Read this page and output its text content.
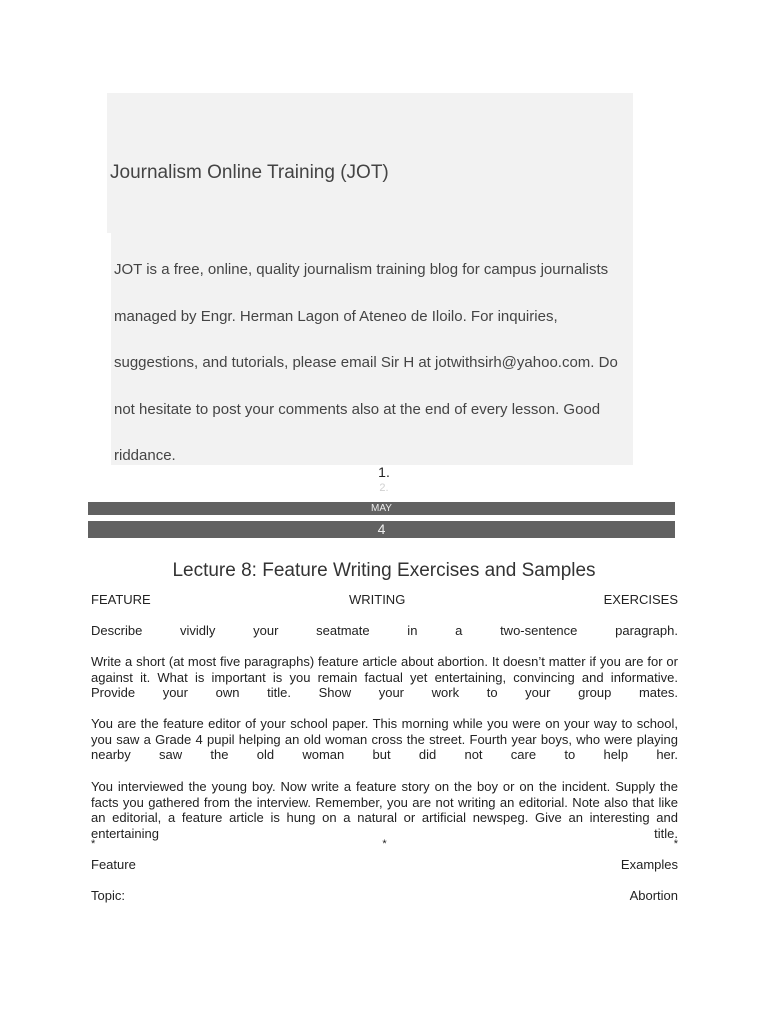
Journalism Online Training (JOT)
JOT is a free, online, quality journalism training blog for campus journalists managed by Engr. Herman Lagon of Ateneo de Iloilo. For inquiries, suggestions, and tutorials, please email Sir H at jotwithsirh@yahoo.com. Do not hesitate to post your comments also at the end of every lesson. Good riddance.
1.
2.
MAY
4
Lecture 8: Feature Writing Exercises and Samples
FEATURE	WRITING	EXERCISES
Describe vividly your seatmate in a two-sentence paragraph.
Write a short (at most five paragraphs) feature article about abortion. It doesn’t matter if you are for or against it. What is important is you remain factual yet entertaining, convincing and informative. Provide your own title. Show your work to your group mates.
You are the feature editor of your school paper. This morning while you were on your way to school, you saw a Grade 4 pupil helping an old woman cross the street. Fourth year boys, who were playing nearby saw the old woman but did not care to help her.
You interviewed the young boy. Now write a feature story on the boy or on the incident. Supply the facts you gathered from the interview. Remember, you are not writing an editorial. Note also that like an editorial, a feature article is hung on a natural or artificial newspeg. Give an interesting and entertaining title.
*	*	*
Feature	Examples
Topic:	Abortion
